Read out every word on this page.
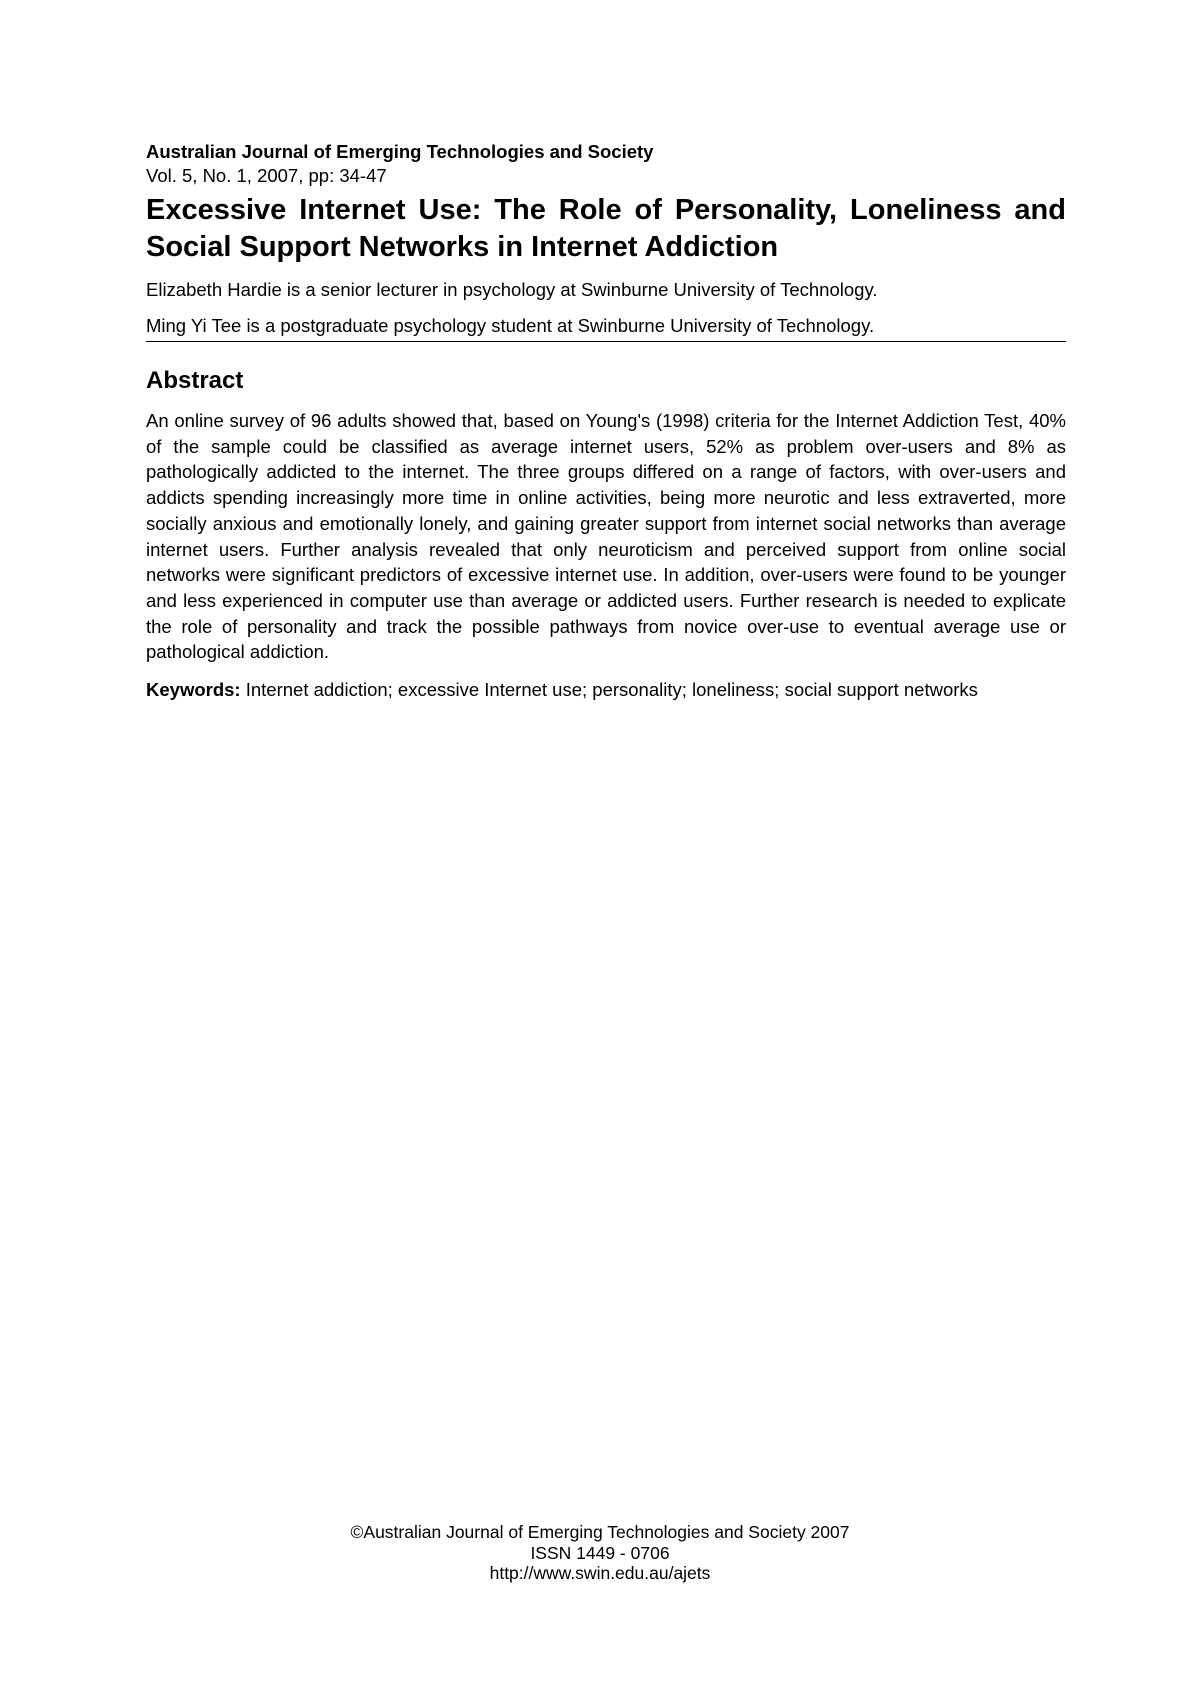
Australian Journal of Emerging Technologies and Society

Vol. 5, No. 1, 2007, pp: 34-47

Excessive Internet Use: The Role of Personality, Loneliness and Social Support Networks in Internet Addiction

Elizabeth Hardie is a senior lecturer in psychology at Swinburne University of Technology.

Ming Yi Tee is a postgraduate psychology student at Swinburne University of Technology.

Abstract

An online survey of 96 adults showed that, based on Young's (1998) criteria for the Internet Addiction Test, 40% of the sample could be classified as average internet users, 52% as problem over-users and 8% as pathologically addicted to the internet. The three groups differed on a range of factors, with over-users and addicts spending increasingly more time in online activities, being more neurotic and less extraverted, more socially anxious and emotionally lonely, and gaining greater support from internet social networks than average internet users. Further analysis revealed that only neuroticism and perceived support from online social networks were significant predictors of excessive internet use. In addition, over-users were found to be younger and less experienced in computer use than average or addicted users. Further research is needed to explicate the role of personality and track the possible pathways from novice over-use to eventual average use or pathological addiction.

Keywords: Internet addiction; excessive Internet use; personality; loneliness; social support networks

©Australian Journal of Emerging Technologies and Society 2007
ISSN 1449 - 0706
http://www.swin.edu.au/ajets
